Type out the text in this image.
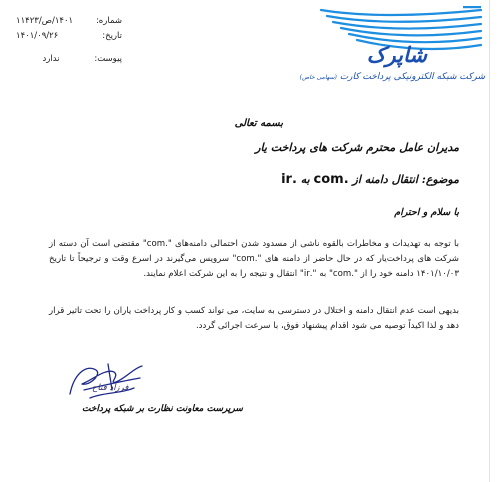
شاپرک
شرکت شبکه الکترونیکی پرداخت کارت (سهامی خاص)
شماره:
۱۴۰۱/ص/۱۱۴۲۳
تاریخ:
۱۴۰۱/۰۹/۲۶
پیوست:
ندارد
بسمه تعالی
مدیران عامل محترم شرکت های پرداخت یار
موضوع: انتقال دامنه از .com به .ir
با سلام و احترام
با توجه به تهدیدات و مخاطرات بالقوه ناشی از مسدود شدن احتمالی دامنه‌های ".com" مقتضی است آن دسته از شرکت های پرداخت‌یار که در حال حاضر از دامنه های ".com" سرویس می‌گیرند در اسرع وقت و ترجیحاً تا تاریخ ۱۴۰۱/۱۰/۰۳ دامنه خود را از ".com" به ".ir" انتقال و نتیجه را به این شرکت اعلام نمایند.
بدیهی است عدم انتقال دامنه و اختلال در دسترسی به سایت، می تواند کسب و کار پرداخت یاران را تحت تاثیر قرار دهد و لذا اکیداً توصیه می شود اقدام پیشنهاد فوق، با سرعت اجرائی گردد.
فرزاد فتاح
سرپرست معاونت نظارت بر شبکه پرداخت
